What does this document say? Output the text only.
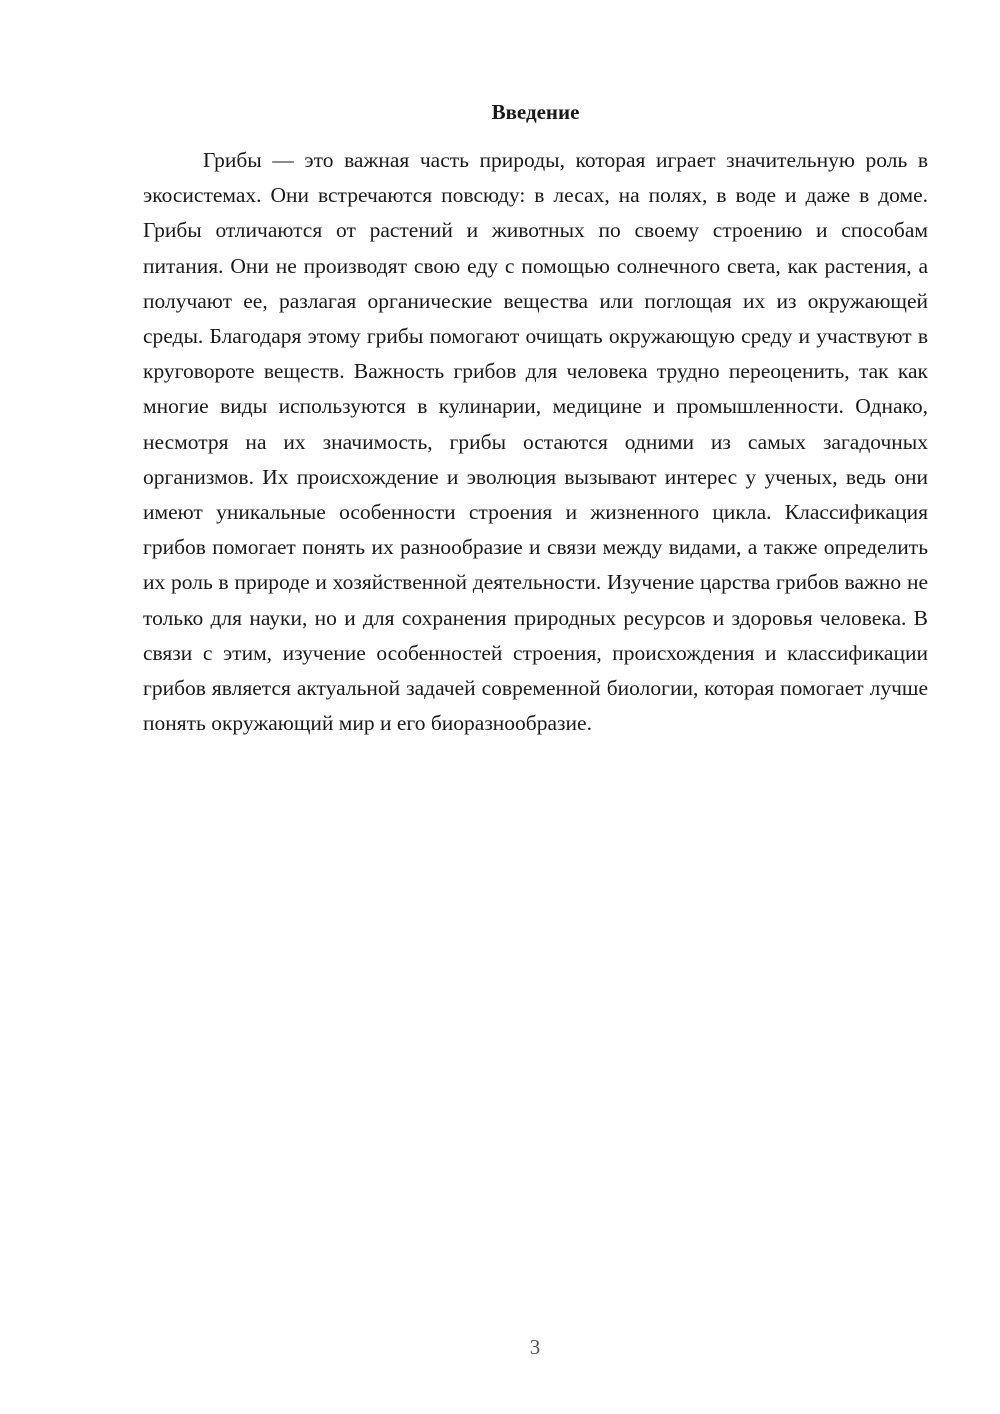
Введение

Грибы — это важная часть природы, которая играет значительную роль в экосистемах. Они встречаются повсюду: в лесах, на полях, в воде и даже в доме. Грибы отличаются от растений и животных по своему строению и способам питания. Они не производят свою еду с помощью солнечного света, как растения, а получают ее, разлагая органические вещества или поглощая их из окружающей среды. Благодаря этому грибы помогают очищать окружающую среду и участвуют в круговороте веществ. Важность грибов для человека трудно переоценить, так как многие виды используются в кулинарии, медицине и промышленности. Однако, несмотря на их значимость, грибы остаются одними из самых загадочных организмов. Их происхождение и эволюция вызывают интерес у ученых, ведь они имеют уникальные особенности строения и жизненного цикла. Классификация грибов помогает понять их разнообразие и связи между видами, а также определить их роль в природе и хозяйственной деятельности. Изучение царства грибов важно не только для науки, но и для сохранения природных ресурсов и здоровья человека. В связи с этим, изучение особенностей строения, происхождения и классификации грибов является актуальной задачей современной биологии, которая помогает лучше понять окружающий мир и его биоразнообразие.

3
